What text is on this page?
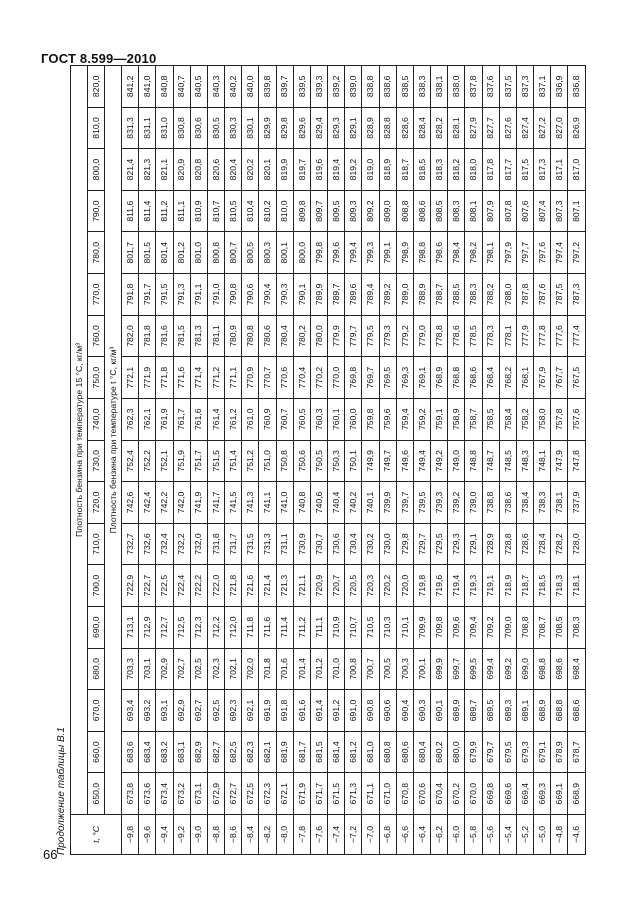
ГОСТ 8.599—2010
66
Продолжение таблицы В.1	t, °C	Плотность бензина при температуре 15 °С, кг/м³																	
	650,0	660,0	670,0	680,0	690,0	700,0	710,0	720,0	730,0	740,0	750,0	760,0	770,0	780,0	790,0	800,0	810,0	820,0
	Плотность бензина при температуре t °С, кг/м³																	
−9,8	673,8	683,6	693,4	703,3	713,1	722,9	732,7	742,6	752,4	762,3	772,1	782,0	791,8	801,7	811,6	821,4	831,3	841,2
−9,6	673,6	683,4	693,2	703,1	712,9	722,7	732,6	742,4	752,2	762,1	771,9	781,8	791,7	801,5	811,4	821,3	831,1	841,0
−9,4	673,4	683,2	693,1	702,9	712,7	722,5	732,4	742,2	752,1	761,9	771,8	781,6	791,5	801,4	811,2	821,1	831,0	840,8
−9,2	673,2	683,1	692,9	702,7	712,5	722,4	732,2	742,0	751,9	761,7	771,6	781,5	791,3	801,2	811,1	820,9	830,8	840,7
−9,0	673,1	682,9	692,7	702,5	712,3	722,2	732,0	741,9	751,7	761,6	771,4	781,3	791,1	801,0	810,9	820,8	830,6	840,5
−8,8	672,9	682,7	692,5	702,3	712,2	722,0	731,8	741,7	751,5	761,4	771,2	781,1	791,0	800,8	810,7	820,6	830,5	840,3
−8,6	672,7	682,5	692,3	702,1	712,0	721,8	731,7	741,5	751,4	761,2	771,1	780,9	790,8	800,7	810,5	820,4	830,3	840,2
−8,4	672,5	682,3	692,1	702,0	711,8	721,6	731,5	741,3	751,2	761,0	770,9	780,8	790,6	800,5	810,4	820,2	830,1	840,0
−8,2	672,3	682,1	691,9	701,8	711,6	721,4	731,3	741,1	751,0	760,9	770,7	780,6	790,4	800,3	810,2	820,1	829,9	839,8
−8,0	672,1	681,9	691,8	701,6	711,4	721,3	731,1	741,0	750,8	760,7	770,6	780,4	790,3	800,1	810,0	819,9	829,8	839,7
−7,8	671,9	681,7	691,6	701,4	711,2	721,1	730,9	740,8	750,6	760,5	770,4	780,2	790,1	800,0	809,8	819,7	829,6	839,5
−7,6	671,7	681,5	691,4	701,2	711,1	720,9	730,7	740,6	750,5	760,3	770,2	780,0	789,9	799,8	809,7	819,6	829,4	839,3
−7,4	671,5	681,4	691,2	701,0	710,9	720,7	730,6	740,4	750,3	760,1	770,0	779,9	789,7	799,6	809,5	819,4	829,3	839,2
−7,2	671,3	681,2	691,0	700,8	710,7	720,5	730,4	740,2	750,1	760,0	769,8	779,7	789,6	799,4	809,3	819,2	829,1	839,0
−7,0	671,1	681,0	690,8	700,7	710,5	720,3	730,2	740,1	749,9	759,8	769,7	779,5	789,4	799,3	809,2	819,0	828,9	838,8
−6,8	671,0	680,8	690,6	700,5	710,3	720,2	730,0	739,9	749,7	759,6	769,5	779,3	789,2	799,1	809,0	818,9	828,8	838,6
−6,6	670,8	680,6	690,4	700,3	710,1	720,0	729,8	739,7	749,6	759,4	769,3	779,2	789,0	798,9	808,8	818,7	828,6	838,5
−6,4	670,6	680,4	690,3	700,1	709,9	719,8	729,7	739,5	749,4	759,2	769,1	779,0	788,9	798,8	808,6	818,5	828,4	838,3
−6,2	670,4	680,2	690,1	699,9	709,8	719,6	729,5	739,3	749,2	759,1	768,9	778,8	788,7	798,6	808,5	818,3	828,2	838,1
−6,0	670,2	680,0	689,9	699,7	709,6	719,4	729,3	739,2	749,0	758,9	768,8	778,6	788,5	798,4	808,3	818,2	828,1	838,0
−5,8	670,0	679,9	689,7	699,5	709,4	719,3	729,1	739,0	748,8	758,7	768,6	778,5	788,3	798,2	808,1	818,0	827,9	837,8
−5,6	669,8	679,7	689,5	699,4	709,2	719,1	728,9	738,8	748,7	758,5	768,4	778,3	788,2	798,1	807,9	817,8	827,7	837,6
−5,4	669,6	679,5	689,3	699,2	709,0	718,9	728,8	738,6	748,5	758,4	768,2	778,1	788,0	797,9	807,8	817,7	827,6	837,5
−5,2	669,4	679,3	689,1	699,0	708,8	718,7	728,6	738,4	748,3	758,2	768,1	777,9	787,8	797,7	807,6	817,5	827,4	837,3
−5,0	669,3	679,1	688,9	698,8	708,7	718,5	728,4	738,3	748,1	758,0	767,9	777,8	787,6	797,6	807,4	817,3	827,2	837,1
−4,8	669,1	678,9	688,8	698,6	708,5	718,3	728,2	738,1	747,9	757,8	767,7	777,6	787,5	797,4	807,3	817,1	827,0	836,9
−4,6	668,9	678,7	688,6	698,4	708,3	718,1	728,0	737,9	747,8	757,6	767,5	777,4	787,3	797,2	807,1	817,0	826,9	836,8
